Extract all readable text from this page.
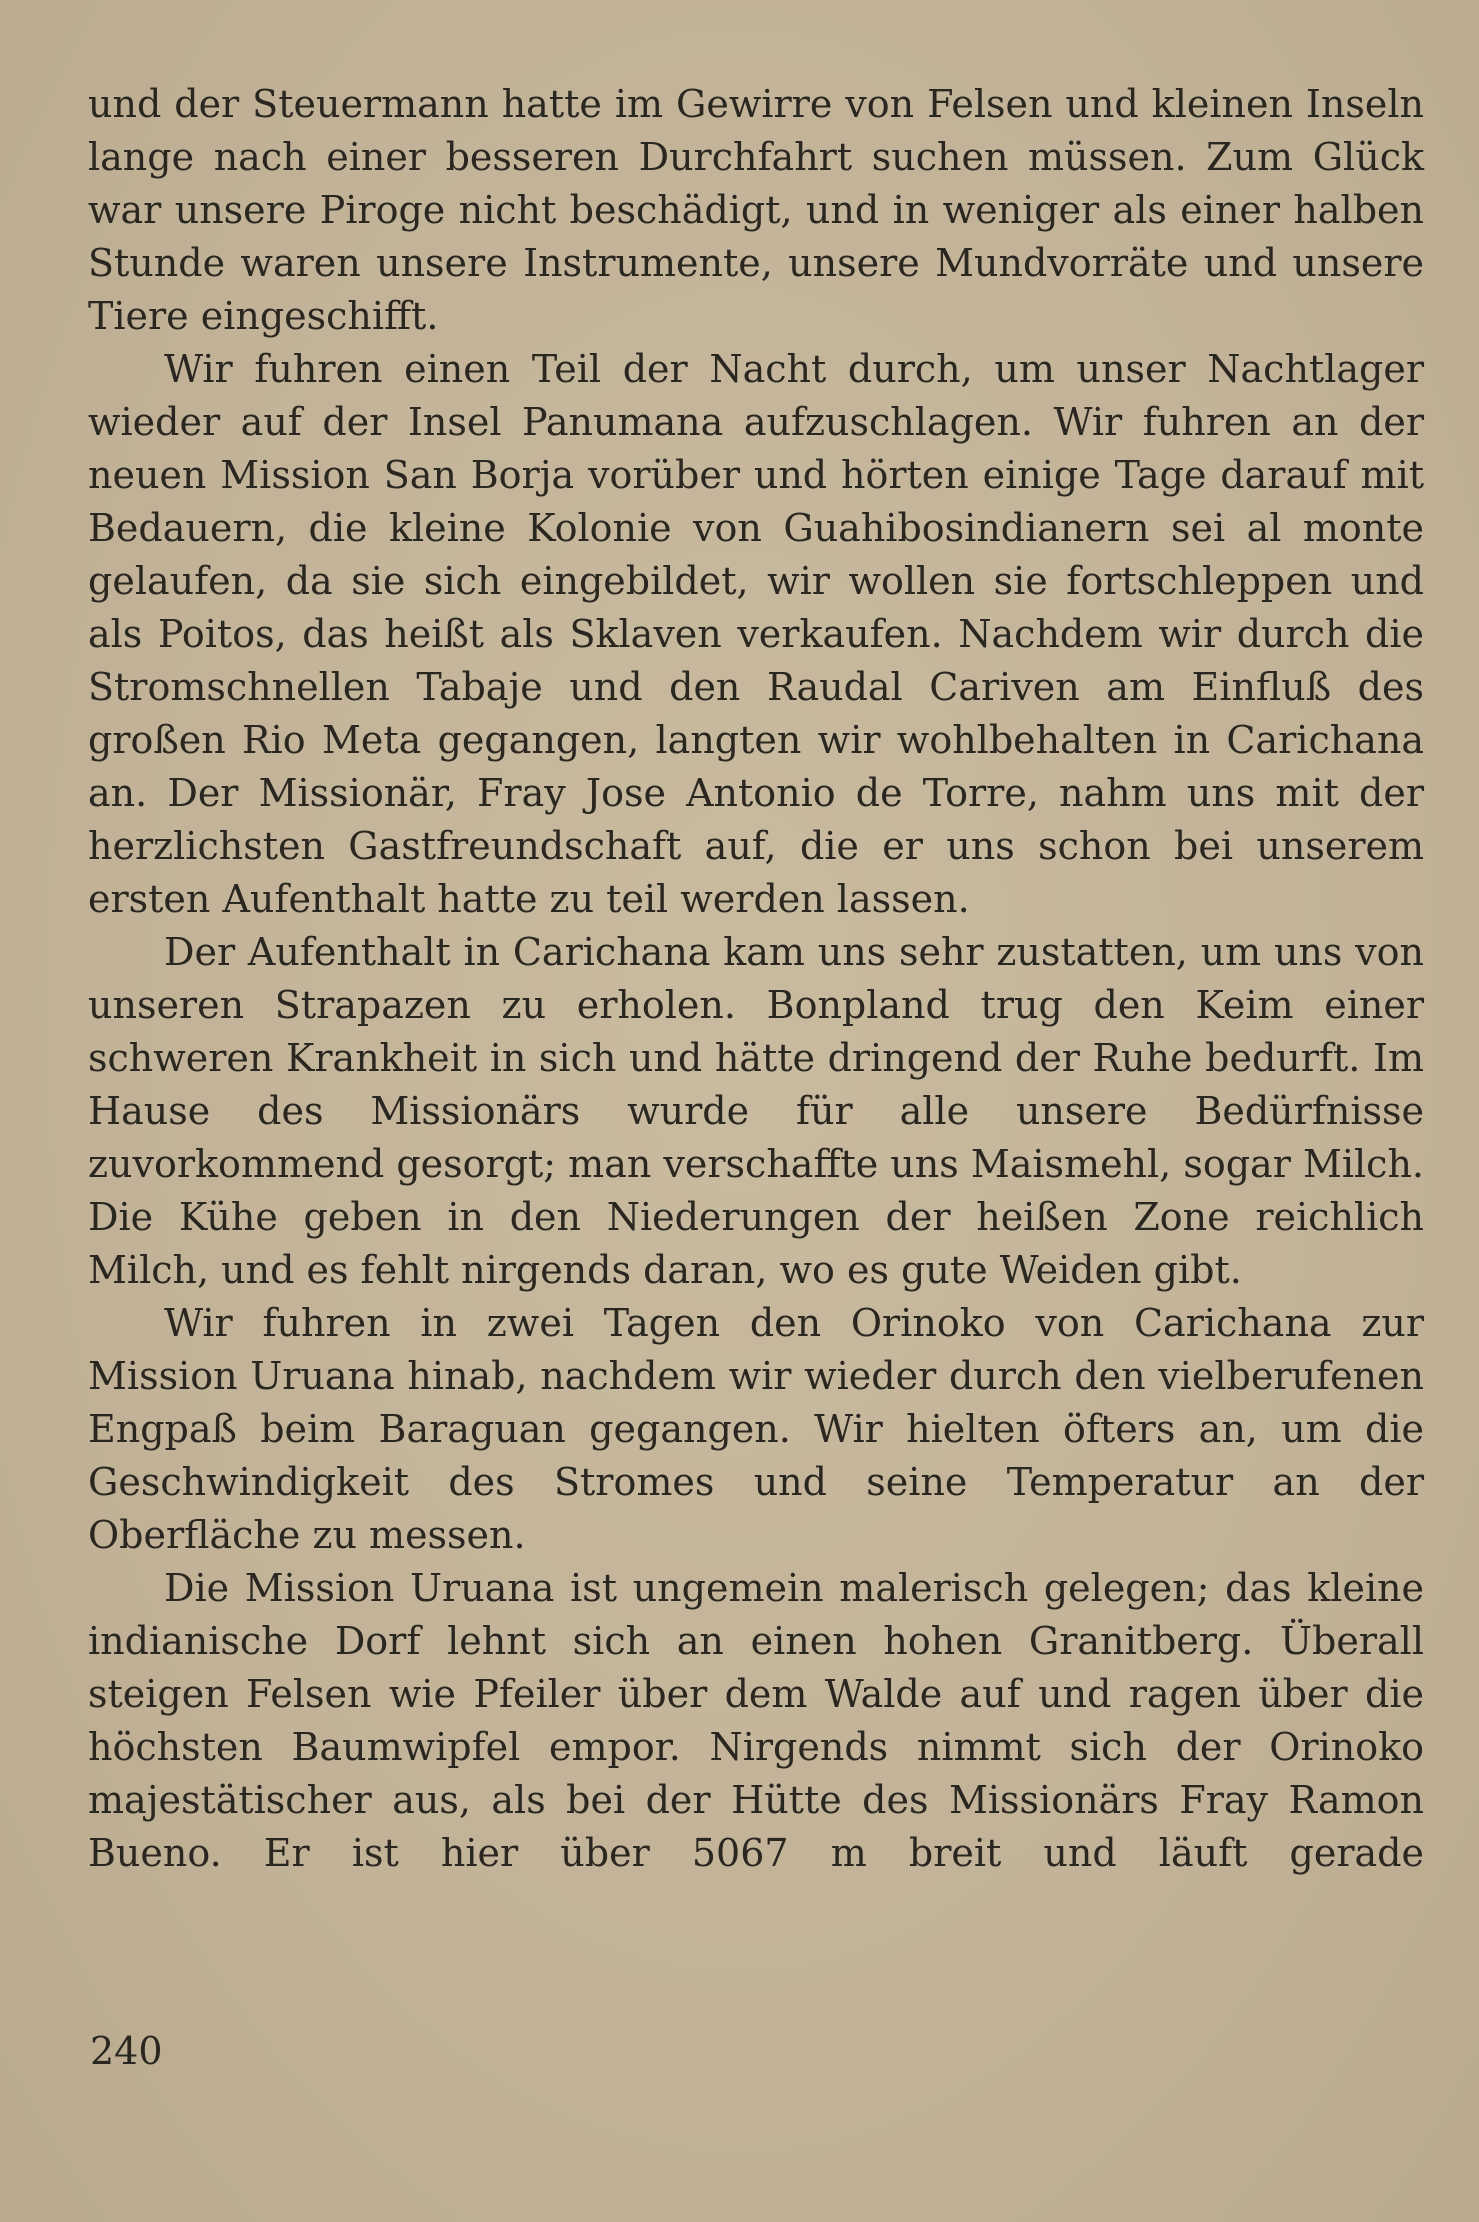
und der Steuermann hatte im Gewirre von Felsen und kleinen Inseln lange nach einer besseren Durchfahrt suchen müssen. Zum Glück war unsere Piroge nicht beschädigt, und in weniger als einer halben Stunde waren unsere Instrumente, unsere Mundvorräte und unsere Tiere eingeschifft.

Wir fuhren einen Teil der Nacht durch, um unser Nachtlager wieder auf der Insel Panumana aufzuschlagen. Wir fuhren an der neuen Mission San Borja vorüber und hörten einige Tage darauf mit Bedauern, die kleine Kolonie von Guahibosindianern sei al monte gelaufen, da sie sich eingebildet, wir wollen sie fortschleppen und als Poitos, das heißt als Sklaven verkaufen. Nachdem wir durch die Stromschnellen Tabaje und den Raudal Cariven am Einfluß des großen Rio Meta gegangen, langten wir wohlbehalten in Carichana an. Der Missionär, Fray Jose Antonio de Torre, nahm uns mit der herzlichsten Gastfreundschaft auf, die er uns schon bei unserem ersten Aufenthalt hatte zu teil werden lassen.

Der Aufenthalt in Carichana kam uns sehr zustatten, um uns von unseren Strapazen zu erholen. Bonpland trug den Keim einer schweren Krankheit in sich und hätte dringend der Ruhe bedurft. Im Hause des Missionärs wurde für alle unsere Bedürfnisse zuvorkommend gesorgt; man verschaffte uns Maismehl, sogar Milch. Die Kühe geben in den Niederungen der heißen Zone reichlich Milch, und es fehlt nirgends daran, wo es gute Weiden gibt.

Wir fuhren in zwei Tagen den Orinoko von Carichana zur Mission Uruana hinab, nachdem wir wieder durch den vielberufenen Engpaß beim Baraguan gegangen. Wir hielten öfters an, um die Geschwindigkeit des Stromes und seine Temperatur an der Oberfläche zu messen.

Die Mission Uruana ist ungemein malerisch gelegen; das kleine indianische Dorf lehnt sich an einen hohen Granitberg. Überall steigen Felsen wie Pfeiler über dem Walde auf und ragen über die höchsten Baumwipfel empor. Nirgends nimmt sich der Orinoko majestätischer aus, als bei der Hütte des Missionärs Fray Ramon Bueno. Er ist hier über 5067 m breit und läuft gerade

240
